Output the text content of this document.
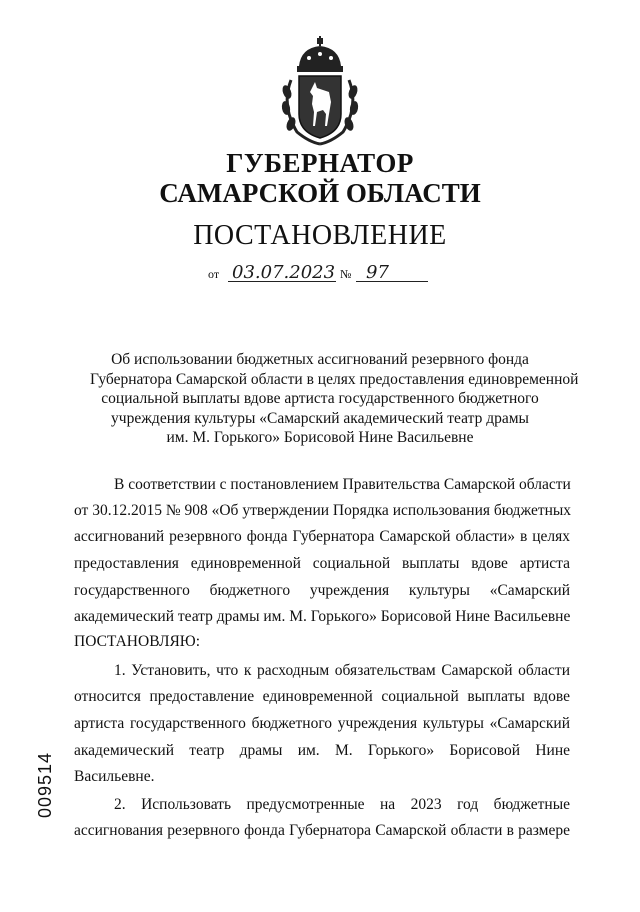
ГУБЕРНАТОР
САМАРСКОЙ ОБЛАСТИ
ПОСТАНОВЛЕНИЕ
от 03.07.2023 № 97
Об использовании бюджетных ассигнований резервного фонда
Губернатора Самарской области в целях предоставления единовременной
социальной выплаты вдове артиста государственного бюджетного
учреждения культуры «Самарский академический театр драмы
им. М. Горького» Борисовой Нине Васильевне
В соответствии с постановлением Правительства Самарской области
от 30.12.2015 № 908 «Об утверждении Порядка использования бюджетных
ассигнований резервного фонда Губернатора Самарской области» в целях
предоставления единовременной социальной выплаты вдове артиста
государственного бюджетного учреждения культуры «Самарский
академический театр драмы им. М. Горького» Борисовой Нине Васильевне
ПОСТАНОВЛЯЮ:
1. Установить, что к расходным обязательствам Самарской области
относится предоставление единовременной социальной выплаты вдове
артиста государственного бюджетного учреждения культуры «Самарский
академический театр драмы им. М. Горького» Борисовой Нине
Васильевне.
2. Использовать предусмотренные на 2023 год бюджетные
ассигнования резервного фонда Губернатора Самарской области в размере
009514
